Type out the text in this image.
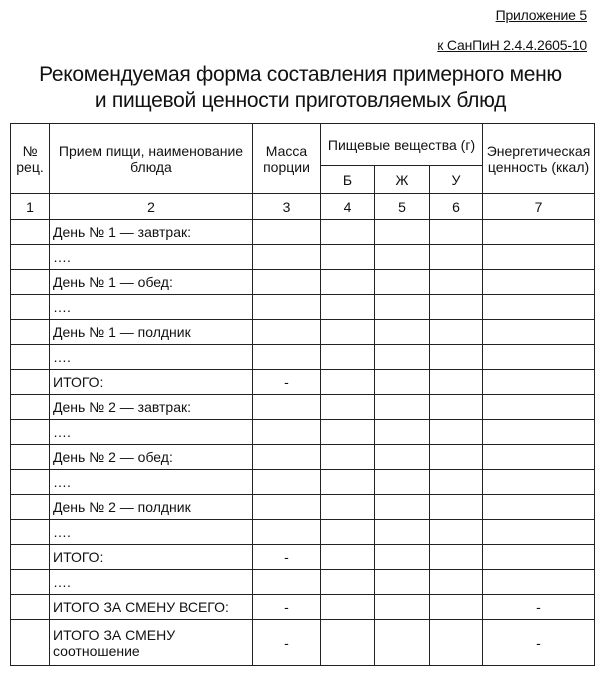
Приложение 5
к СанПиН 2.4.4.2605-10
Рекомендуемая форма составления примерного меню
и пищевой ценности приготовляемых блюд
№ рец.	Прием пищи, наименование блюда	Масса порции	Пищевые вещества (г)			Энергетическая ценность (ккал)
			Б	Ж	У	
1	2	3	4	5	6	7
	День № 1 — завтрак:					
	….					
	День № 1 — обед:					
	….					
	День № 1 — полдник					
	….					
	ИТОГО:	-				
	День № 2 — завтрак:					
	….					
	День № 2 — обед:					
	….					
	День № 2 — полдник					
	….					
	ИТОГО:	-				
	….					
	ИТОГО ЗА СМЕНУ ВСЕГО:	-				-
	ИТОГО ЗА СМЕНУ
соотношение	-				-
